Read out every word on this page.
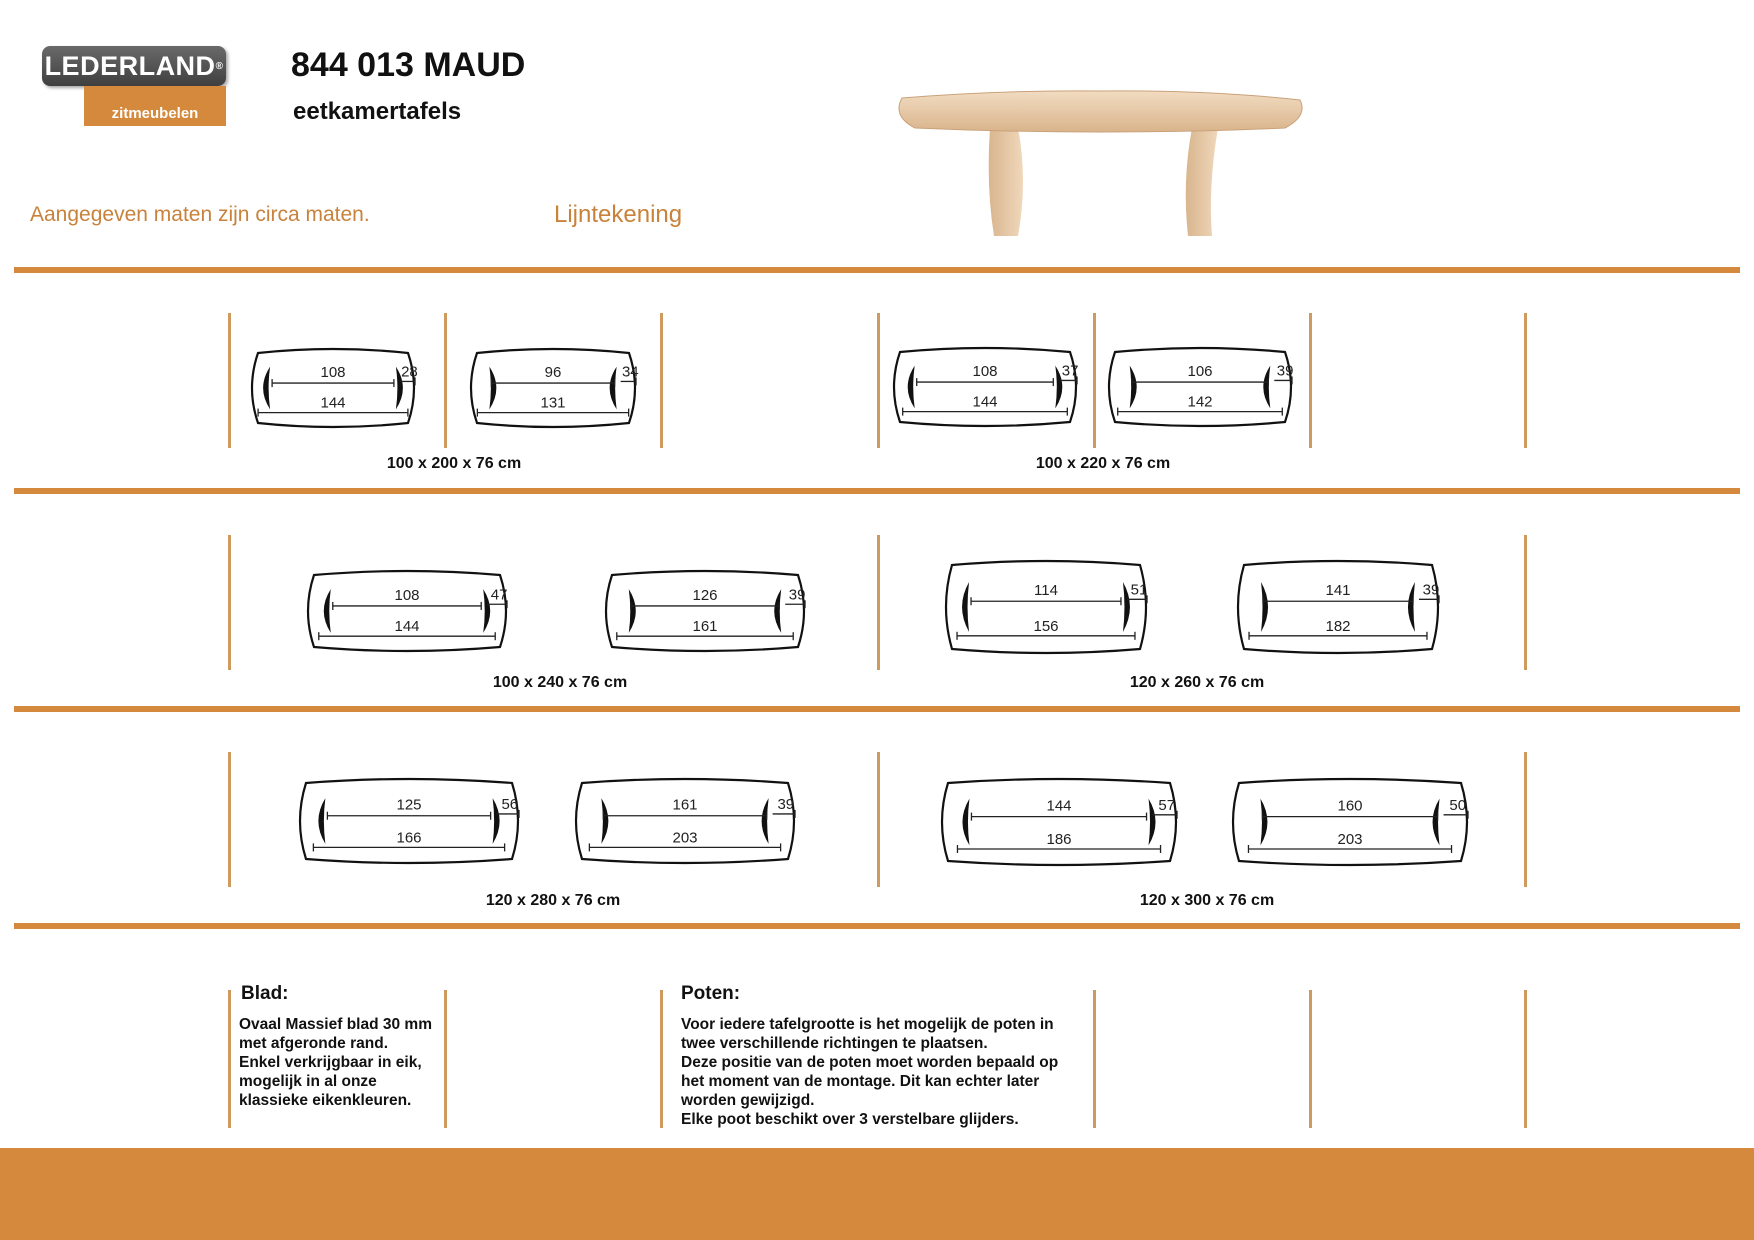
LEDERLAND ®
zitmeubelen
844 013 MAUD
eetkamertafels
Aangegeven maten zijn circa maten.	Lijntekening
108
144
28	96
131
34	108
144
37	106
142
39
108
144
47	126
161
39	114
156
51	141
182
39
125
166
56	161
203
39	144
186
57	160
203
50
100 x 200 x 76 cm	100 x 220 x 76 cm
100 x 240 x 76 cm	120 x 260 x 76 cm
120 x 280 x 76 cm	120 x 300 x 76 cm
Blad:
Ovaal Massief blad 30 mm
met afgeronde rand.
Enkel verkrijgbaar in eik,
mogelijk in al onze
klassieke eikenkleuren.
Poten:
Voor iedere tafelgrootte is het mogelijk de poten in
twee verschillende richtingen te plaatsen.
Deze positie van de poten moet worden bepaald op
het moment van de montage. Dit kan echter later
worden gewijzigd.
Elke poot beschikt over 3 verstelbare glijders.
